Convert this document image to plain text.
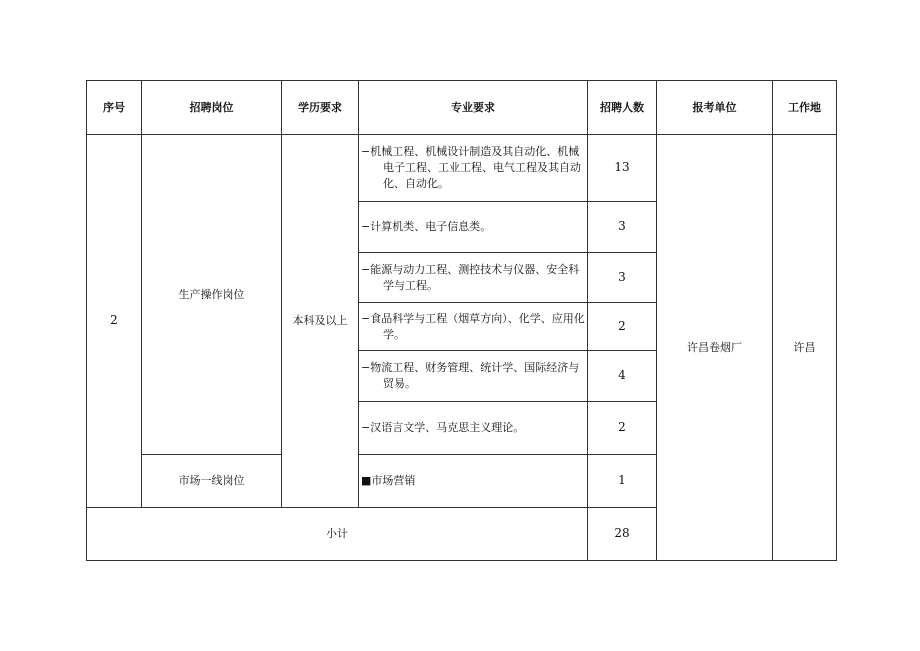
序号	招聘岗位	学历要求	专业要求	招聘人数	报考单位	工作地
2	生产操作岗位	本科及以上	−机械工程、机械设计制造及其自动化、机械电子工程、工业工程、电气工程及其自动化、自动化。	13	许昌卷烟厂	许昌

			−计算机类、电子信息类。	3		

			−能源与动力工程、测控技术与仪器、安全科学与工程。	3		

			−食品科学与工程（烟草方向）、化学、应用化学。	2		

			−物流工程、财务管理、统计学、国际经济与贸易。	4		

			−汉语言文学、马克思主义理论。	2		
	市场一线岗位		■市场营销	1		
小计				28		
